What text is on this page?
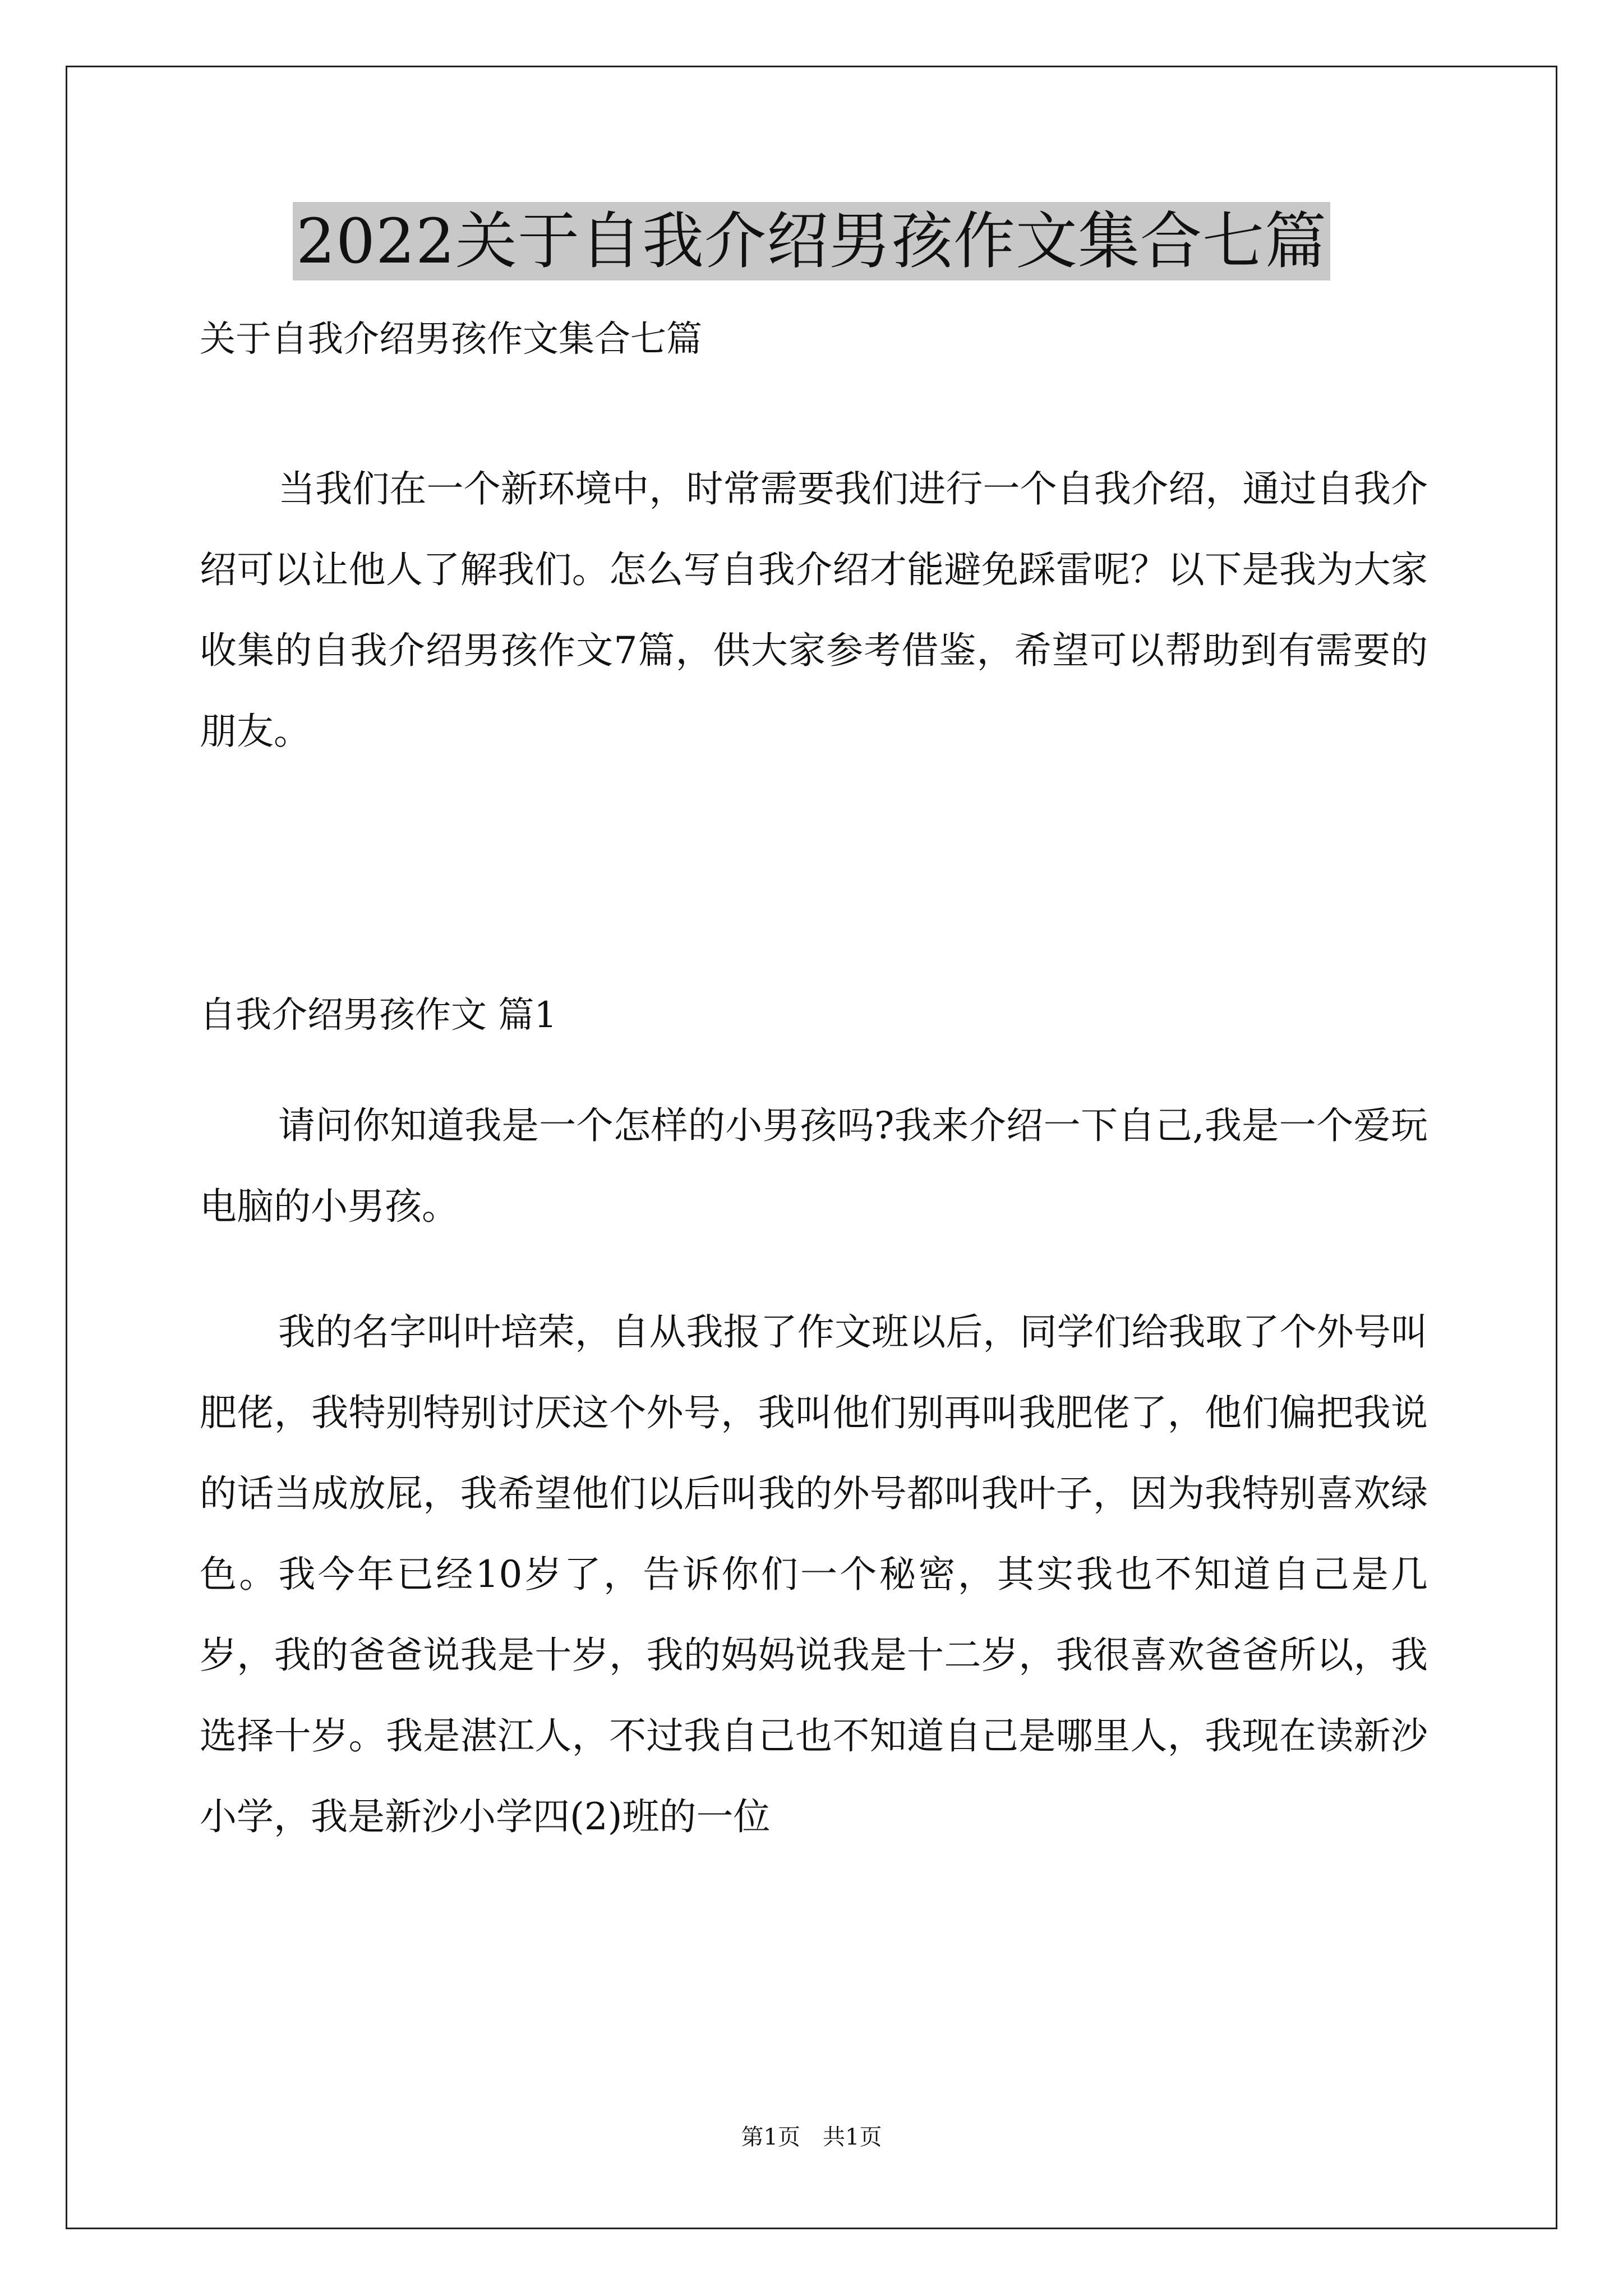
2022关于自我介绍男孩作文集合七篇
关于自我介绍男孩作文集合七篇

当我们在一个新环境中，时常需要我们进行一个自我介绍，通过自我介绍可以让他人了解我们。怎么写自我介绍才能避免踩雷呢？以下是我为大家收集的自我介绍男孩作文7篇，供大家参考借鉴，希望可以帮助到有需要的朋友。

自我介绍男孩作文 篇1

请问你知道我是一个怎样的小男孩吗?我来介绍一下自己,我是一个爱玩电脑的小男孩。

我的名字叫叶培荣，自从我报了作文班以后，同学们给我取了个外号叫肥佬，我特别特别讨厌这个外号，我叫他们别再叫我肥佬了，他们偏把我说的话当成放屁，我希望他们以后叫我的外号都叫我叶子，因为我特别喜欢绿色。我今年已经10岁了，告诉你们一个秘密，其实我也不知道自己是几岁，我的爸爸说我是十岁，我的妈妈说我是十二岁，我很喜欢爸爸所以，我选择十岁。我是湛江人，不过我自己也不知道自己是哪里人，我现在读新沙小学，我是新沙小学四(2)班的一位

第1页　共1页
